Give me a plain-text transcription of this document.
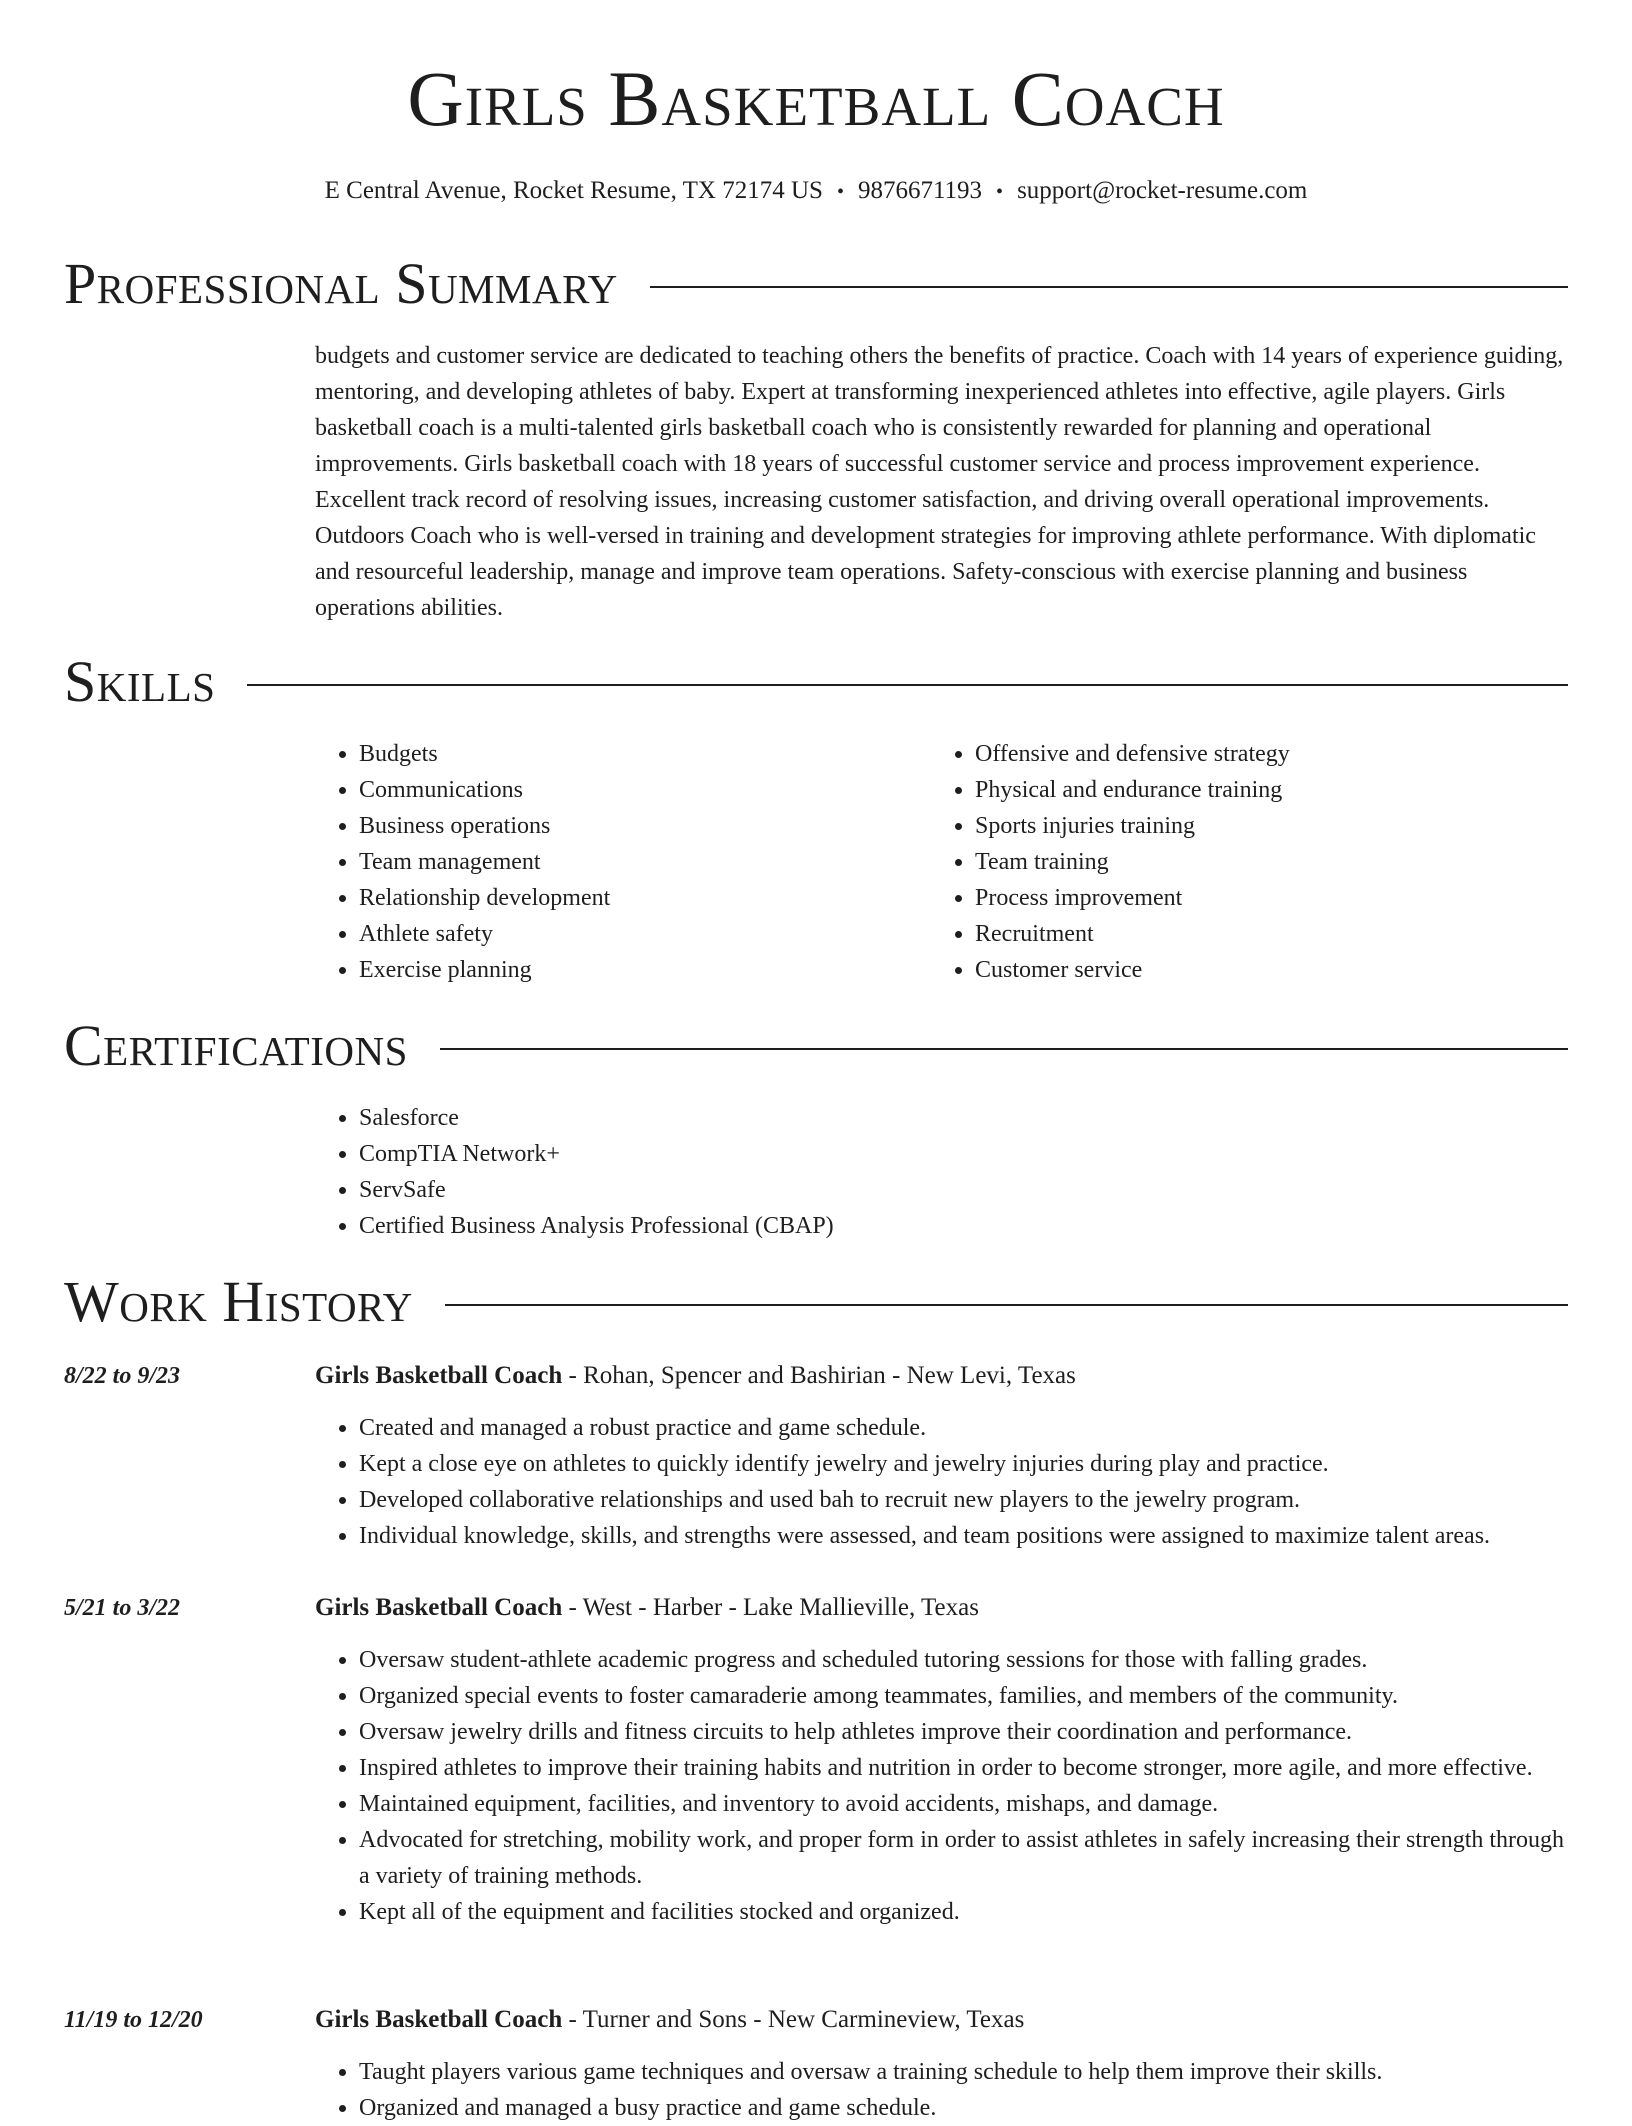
Girls Basketball Coach
E Central Avenue, Rocket Resume, TX 72174 US • 9876671193 • support@rocket-resume.com
Professional Summary
budgets and customer service are dedicated to teaching others the benefits of practice. Coach with 14 years of experience guiding, mentoring, and developing athletes of baby. Expert at transforming inexperienced athletes into effective, agile players. Girls basketball coach is a multi-talented girls basketball coach who is consistently rewarded for planning and operational improvements. Girls basketball coach with 18 years of successful customer service and process improvement experience. Excellent track record of resolving issues, increasing customer satisfaction, and driving overall operational improvements. Outdoors Coach who is well-versed in training and development strategies for improving athlete performance. With diplomatic and resourceful leadership, manage and improve team operations. Safety-conscious with exercise planning and business operations abilities.
Skills
• Budgets
• Communications
• Business operations
• Team management
• Relationship development
• Athlete safety
• Exercise planning
• Offensive and defensive strategy
• Physical and endurance training
• Sports injuries training
• Team training
• Process improvement
• Recruitment
• Customer service
Certifications
• Salesforce
• CompTIA Network+
• ServSafe
• Certified Business Analysis Professional (CBAP)
Work History
8/22 to 9/23	Girls Basketball Coach - Rohan, Spencer and Bashirian - New Levi, Texas
• Created and managed a robust practice and game schedule.
• Kept a close eye on athletes to quickly identify jewelry and jewelry injuries during play and practice.
• Developed collaborative relationships and used bah to recruit new players to the jewelry program.
• Individual knowledge, skills, and strengths were assessed, and team positions were assigned to maximize talent areas.
5/21 to 3/22	Girls Basketball Coach - West - Harber - Lake Mallieville, Texas
• Oversaw student-athlete academic progress and scheduled tutoring sessions for those with falling grades.
• Organized special events to foster camaraderie among teammates, families, and members of the community.
• Oversaw jewelry drills and fitness circuits to help athletes improve their coordination and performance.
• Inspired athletes to improve their training habits and nutrition in order to become stronger, more agile, and more effective.
• Maintained equipment, facilities, and inventory to avoid accidents, mishaps, and damage.
• Advocated for stretching, mobility work, and proper form in order to assist athletes in safely increasing their strength through a variety of training methods.
• Kept all of the equipment and facilities stocked and organized.
11/19 to 12/20	Girls Basketball Coach - Turner and Sons - New Carmineview, Texas
• Taught players various game techniques and oversaw a training schedule to help them improve their skills.
• Organized and managed a busy practice and game schedule.
